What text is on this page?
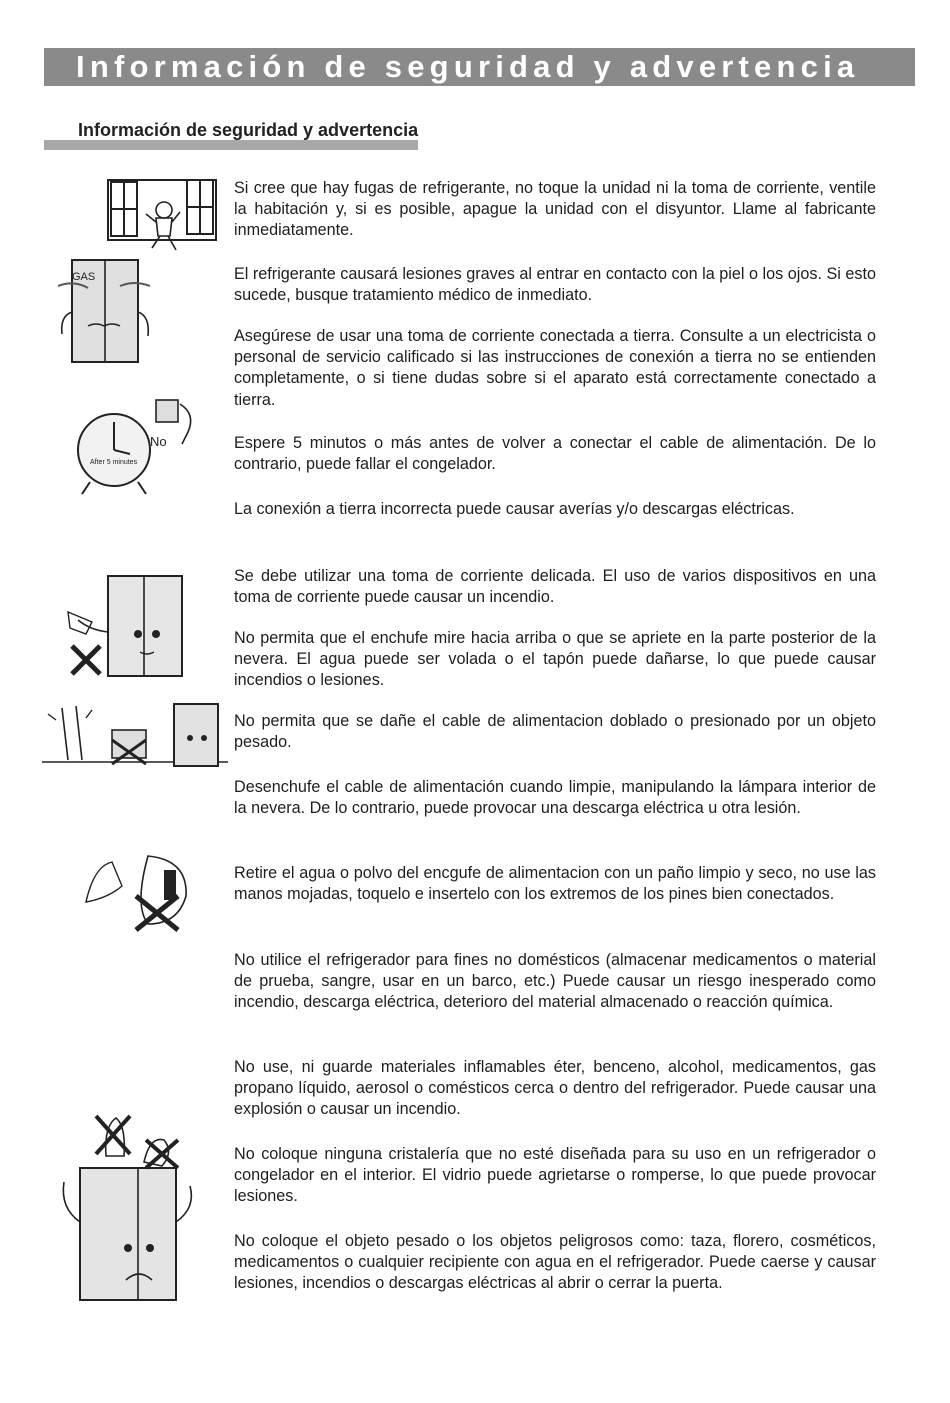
Información de seguridad y advertencia
Información de seguridad y advertencia
GAS
After 5 minutes
No

Si cree que hay fugas de refrigerante, no toque la unidad ni la toma de corriente, ventile la habitación y, si es posible, apague la unidad con el disyuntor. Llame al fabricante inmediatamente.

El refrigerante causará lesiones graves al entrar en contacto con la piel o los ojos. Si esto sucede, busque tratamiento médico de inmediato.

Asegúrese de usar una toma de corriente conectada a tierra. Consulte a un electricista o personal de servicio calificado si las instrucciones de conexión a tierra no se entienden completamente, o si tiene dudas sobre si el aparato está correctamente conectado a tierra.

Espere 5 minutos o más antes de volver a conectar el cable de alimentación. De lo contrario, puede fallar el congelador.

La conexión a tierra incorrecta puede causar averías y/o descargas eléctricas.

Se debe utilizar una toma de corriente delicada. El uso de varios dispositivos en una toma de corriente puede causar un incendio.

No permita que el enchufe mire hacia arriba o que se apriete en la parte posterior de la nevera. El agua puede ser volada o el tapón puede dañarse, lo que puede causar incendios o lesiones.

No permita que se dañe el cable de alimentacion doblado o presionado por un objeto pesado.

Desenchufe el cable de alimentación cuando limpie, manipulando la lámpara interior de la nevera. De lo contrario, puede provocar una descarga eléctrica u otra lesión.

Retire el agua o polvo del encgufe de alimentacion con un paño limpio y seco, no use las manos mojadas, toquelo e insertelo con los extremos de los pines bien conectados.

No utilice el refrigerador para fines no domésticos (almacenar medicamentos o material de prueba, sangre, usar en un barco, etc.) Puede causar un riesgo inesperado como incendio, descarga eléctrica, deterioro del material almacenado o reacción química.

No use, ni guarde materiales inflamables éter, benceno, alcohol, medicamentos, gas propano líquido, aerosol o comésticos cerca o dentro del refrigerador. Puede causar una explosión o causar un incendio.

No coloque ninguna cristalería que no esté diseñada para su uso en un refrigerador o congelador en el interior. El vidrio puede agrietarse o romperse, lo que puede provocar lesiones.

No coloque el objeto pesado o los objetos peligrosos como: taza, florero, cosméticos, medicamentos o cualquier recipiente con agua en el refrigerador. Puede caerse y causar lesiones, incendios o descargas eléctricas al abrir o cerrar la puerta.
